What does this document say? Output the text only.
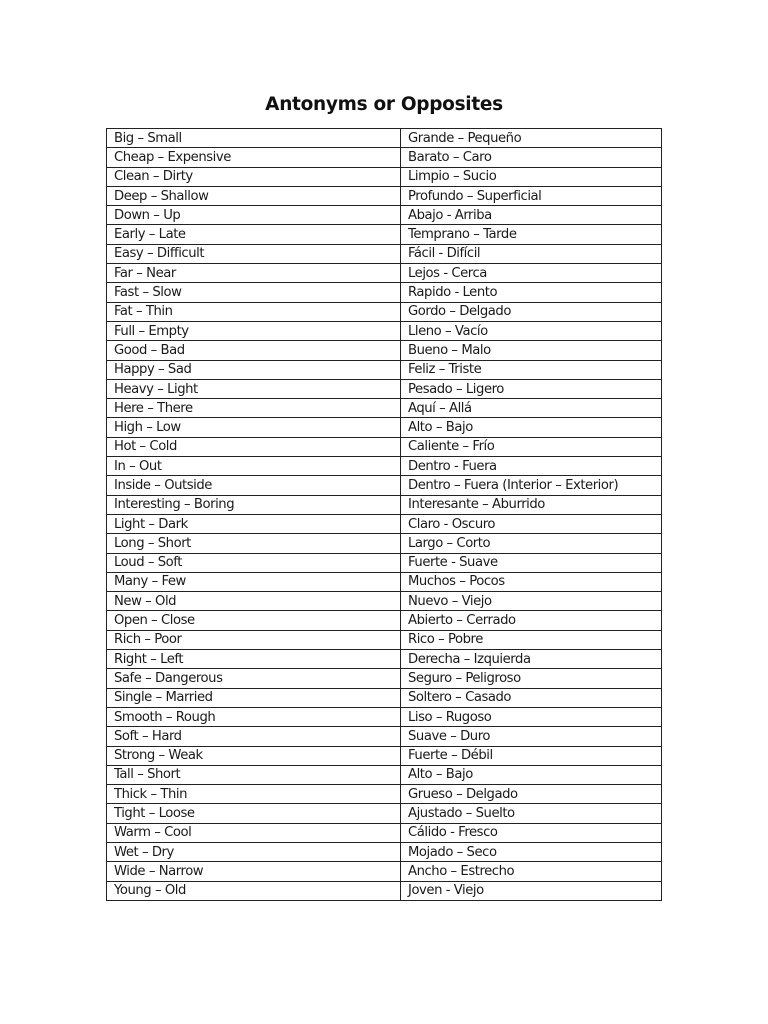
Antonyms or Opposites
Big – Small	Grande – Pequeño
Cheap – Expensive	Barato – Caro
Clean – Dirty	Limpio – Sucio
Deep – Shallow	Profundo – Superficial
Down – Up	Abajo - Arriba
Early – Late	Temprano – Tarde
Easy – Difficult	Fácil - Difícil
Far – Near	Lejos - Cerca
Fast – Slow	Rapido - Lento
Fat – Thin	Gordo – Delgado
Full – Empty	Lleno – Vacío
Good – Bad	Bueno – Malo
Happy – Sad	Feliz – Triste
Heavy – Light	Pesado – Ligero
Here – There	Aquí – Allá
High – Low	Alto – Bajo
Hot – Cold	Caliente – Frío
In – Out	Dentro - Fuera
Inside – Outside	Dentro – Fuera (Interior – Exterior)
Interesting – Boring	Interesante – Aburrido
Light – Dark	Claro - Oscuro
Long – Short	Largo – Corto
Loud – Soft	Fuerte - Suave
Many – Few	Muchos – Pocos
New – Old	Nuevo – Viejo
Open – Close	Abierto – Cerrado
Rich – Poor	Rico – Pobre
Right – Left	Derecha – Izquierda
Safe – Dangerous	Seguro – Peligroso
Single – Married	Soltero – Casado
Smooth – Rough	Liso – Rugoso
Soft – Hard	Suave – Duro
Strong – Weak	Fuerte – Débil
Tall – Short	Alto – Bajo
Thick – Thin	Grueso – Delgado
Tight – Loose	Ajustado – Suelto
Warm – Cool	Cálido - Fresco
Wet – Dry	Mojado – Seco
Wide – Narrow	Ancho – Estrecho
Young – Old	Joven - Viejo
